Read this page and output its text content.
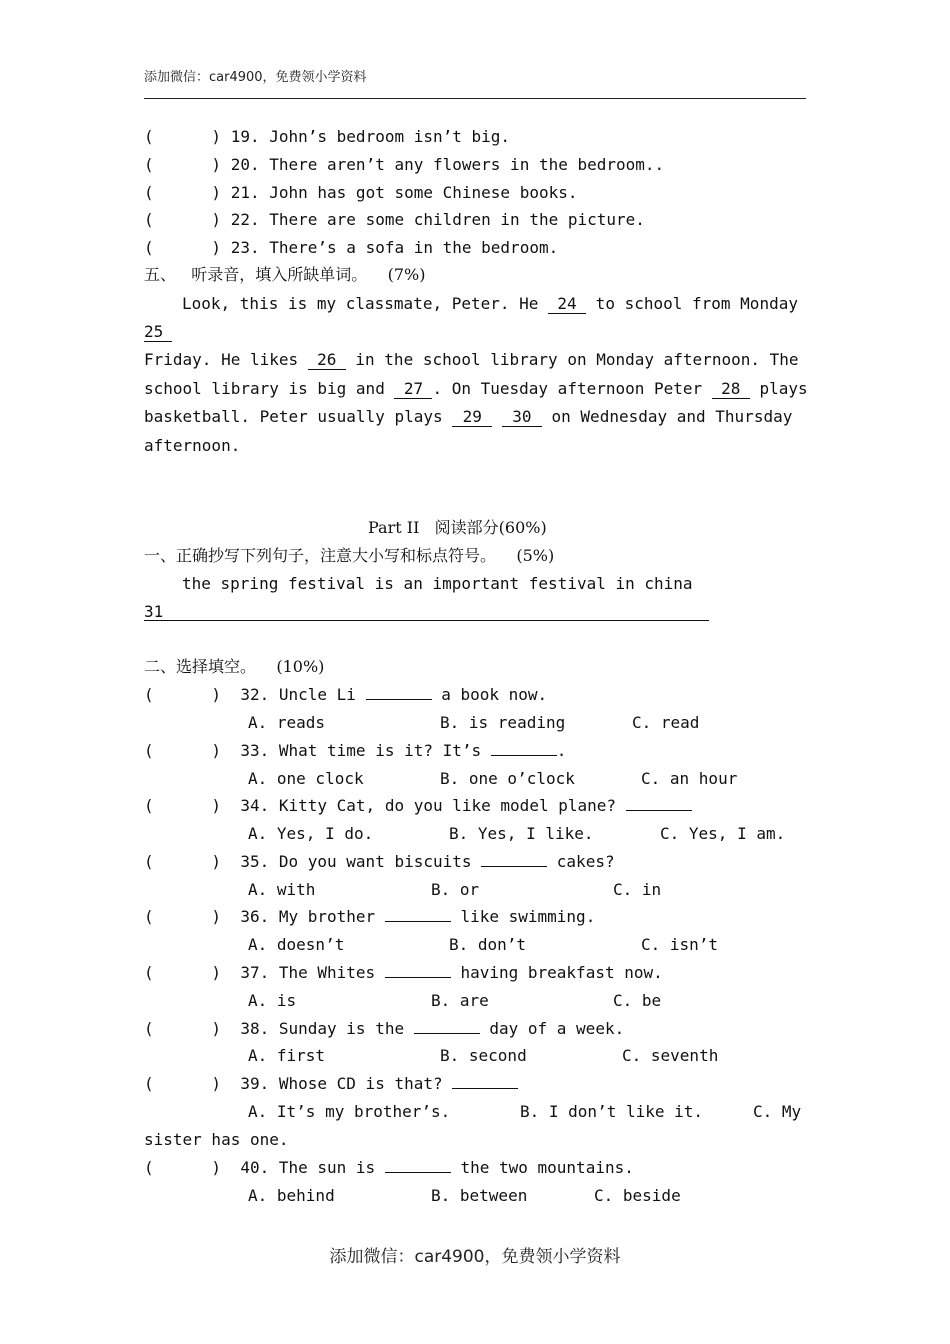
添加微信：car4900，免费领小学资料
(      ) 19. John’s bedroom isn’t big.
(      ) 20. There aren’t any flowers in the bedroom..
(      ) 21. John has got some Chinese books.
(      ) 22. There are some children in the picture.
(      ) 23. There’s a sofa in the bedroom.
五、   听录音，填入所缺单词。 (7%)
Look, this is my classmate, Peter. He 24 to school from Monday
25
Friday. He likes 26 in the school library on Monday afternoon. The
school library is big and 27 . On Tuesday afternoon Peter 28 plays
basketball. Peter usually plays 29 30 on Wednesday and Thursday
afternoon.
Part II   阅读部分(60%)
一、正确抄写下列句子，注意大小写和标点符号。 (5%)
the spring festival is an important festival in china
31
二、选择填空。 (10%)
(      ) 32. Uncle Li	a book now.
A. reads	B. is reading	C. read
(      ) 33. What time is it? It’s	.
A. one clock	B. one o’clock	C. an hour
(      ) 34. Kitty Cat, do you like model plane?
A. Yes, I do.	B. Yes, I like.	C. Yes, I am.
(      ) 35. Do you want biscuits	cakes?
A. with	B. or	C. in
(      ) 36. My brother	like swimming.
A. doesn’t	B. don’t	C. isn’t
(      ) 37. The Whites	having breakfast now.
A. is	B. are	C. be
(      ) 38. Sunday is the	day of a week.
A. first	B. second	C. seventh
(      ) 39. Whose CD is that?
A. It’s my brother’s.	B. I don’t like it.	C. My
sister has one.
(      ) 40. The sun is	the two mountains.
A. behind	B. between	C. beside
添加微信：car4900，免费领小学资料
